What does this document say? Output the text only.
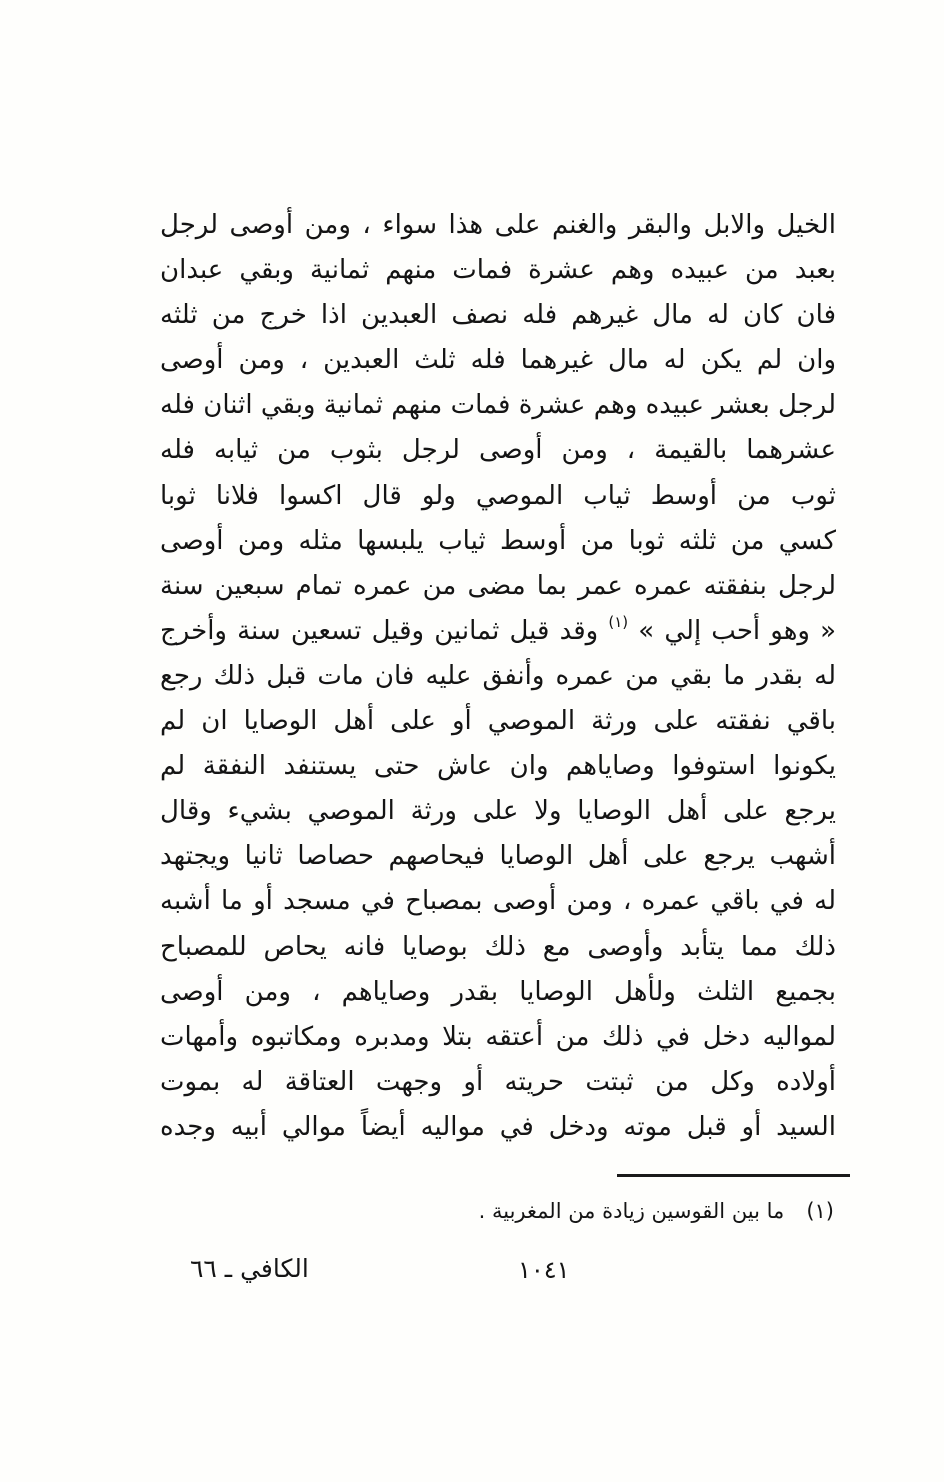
الخيل والابل والبقر والغنم على هذا سواء ، ومن أوصى لرجل
بعبد من عبيده وهم عشرة فمات منهم ثمانية وبقي عبدان
فان كان له مال غيرهم فله نصف العبدين اذا خرج من ثلثه
وان لم يكن له مال غيرهما فله ثلث العبدين ، ومن أوصى
لرجل بعشر عبيده وهم عشرة فمات منهم ثمانية وبقي اثنان فله
عشرهما بالقيمة ، ومن أوصى لرجل بثوب من ثيابه فله
ثوب من أوسط ثياب الموصي ولو قال اكسوا فلانا ثوبا
كسي من ثلثه ثوبا من أوسط ثياب يلبسها مثله ومن أوصى
لرجل بنفقته عمره عمر بما مضى من عمره تمام سبعين سنة
« وهو أحب إلي » $^{(١)}$ وقد قيل ثمانين وقيل تسعين سنة وأخرج
له بقدر ما بقي من عمره وأنفق عليه فان مات قبل ذلك رجع
باقي نفقته على ورثة الموصي أو على أهل الوصايا ان لم
يكونوا استوفوا وصاياهم وان عاش حتى يستنفد النفقة لم
يرجع على أهل الوصايا ولا على ورثة الموصي بشيء وقال
أشهب يرجع على أهل الوصايا فيحاصهم حصاصا ثانيا ويجتهد
له في باقي عمره ، ومن أوصى بمصباح في مسجد أو ما أشبه
ذلك مما يتأبد وأوصى مع ذلك بوصايا فانه يحاص للمصباح
بجميع الثلث ولأهل الوصايا بقدر وصاياهم ، ومن أوصى
لمواليه دخل في ذلك من أعتقه بتلا ومدبره ومكاتبوه وأمهات
أولاده وكل من ثبتت حريته أو وجهت العتاقة له بموت
السيد أو قبل موته ودخل في مواليه أيضاً موالي أبيه وجده
(١)ما بين القوسين زيادة من المغربية .
الكافي ـ ٦٦	١٠٤١
